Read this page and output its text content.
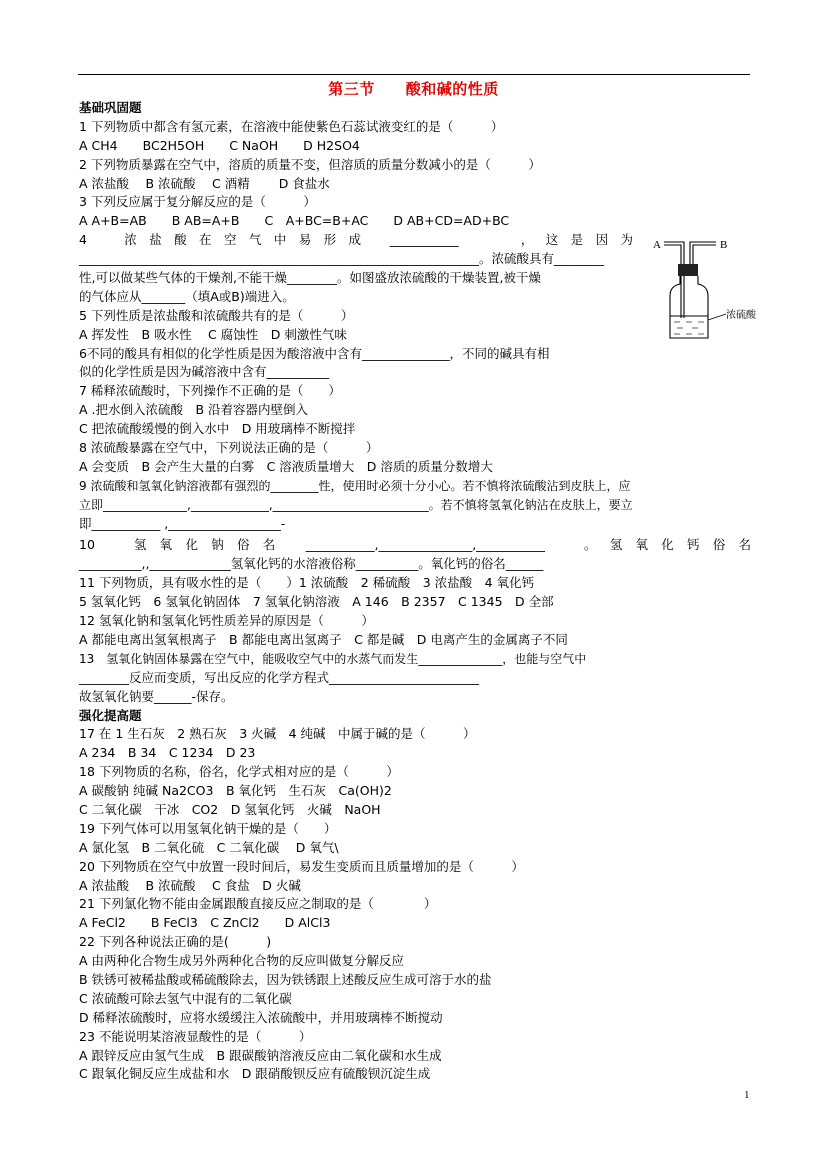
第三节　　酸和碱的性质
基础巩固题
1 下列物质中都含有氢元素，在溶液中能使紫色石蕊试液变红的是（　　　）
A CH4　　BC2H5OH　　C NaOH　　D H2SO4
2 下列物质暴露在空气中，溶质的质量不变，但溶质的质量分数减小的是（　　　）
A 浓盐酸　 B 浓硫酸　 C 酒精　　 D 食盐水
3 下列反应属于复分解反应的是（　　　）
A A+B=AB　　B AB=A+B　　C　A+BC=B+AC　　D AB+CD=AD+BC
4　浓盐酸在空气中易形成 ___________　　，这是因为
________________________________________________________________。浓硫酸具有________
性,可以做某些气体的干燥剂,不能干燥________。如图盛放浓硫酸的干燥装置,被干燥
的气体应从_______（填A或B)端进入。
5 下列性质是浓盐酸和浓硫酸共有的是（　　　）
A 挥发性　B 吸水性　 C 腐蚀性　D 刺激性气味
6不同的酸具有相似的化学性质是因为酸溶液中含有______________，不同的碱具有相
似的化学性质是因为碱溶液中含有__________
7 稀释浓硫酸时，下列操作不正确的是（　　）
A .把水倒入浓硫酸　B 沿着容器内壁倒入
C 把浓硫酸缓慢的倒入水中　D 用玻璃棒不断搅拌
8 浓硫酸暴露在空气中，下列说法正确的是（　　　）
A 会变质　B 会产生大量的白雾　C 溶液质量增大　D 溶质的质量分数增大
9 浓硫酸和氢氧化钠溶液都有强烈的________性，使用时必须十分小心。若不慎将浓硫酸沾到皮肤上，应
立即______________,_____________,__________________________。若不慎将氢氧化钠沾在皮肤上，要立
即___________ ,__________________-
10　氢氧化钠俗名 ___________,_______________,___________　。氢氧化钙俗名
__________,,_____________氢氧化钙的水溶液俗称__________。氧化钙的俗名______
11 下列物质，具有吸水性的是（　　）1 浓硫酸　2 稀硫酸　3 浓盐酸　4 氧化钙
5 氢氧化钙　6 氢氧化钠固体　7 氢氧化钠溶液　A 146　B 2357　C 1345　D 全部
12 氢氧化钠和氢氧化钙性质差异的原因是（　　　）
A 都能电离出氢氧根离子　B 都能电离出氢离子　C 都是碱　D 电离产生的金属离子不同
13　氢氧化钠固体暴露在空气中，能吸收空气中的水蒸气而发生______________，也能与空气中
________反应而变质，写出反应的化学方程式________________________
故氢氧化钠要______-保存。
强化提高题
17 在 1 生石灰　2 熟石灰　3 火碱　4 纯碱　中属于碱的是（　　　）
A 234　B 34　C 1234　D 23
18 下列物质的名称，俗名，化学式相对应的是（　　　）
A 碳酸钠 纯碱 Na2CO3　B 氧化钙　生石灰　Ca(OH)2
C 二氧化碳　干冰　CO2　D 氢氧化钙　火碱　NaOH
19 下列气体可以用氢氧化钠干燥的是（　　）
A 氯化氢　B 二氧化硫　C 二氧化碳　 D 氧气\
20 下列物质在空气中放置一段时间后，易发生变质而且质量增加的是（　　　）
A 浓盐酸　 B 浓硫酸　 C 食盐　D 火碱
21 下列氯化物不能由金属跟酸直接反应之制取的是（　　　　）
A FeCl2　　B FeCl3　C ZnCl2　　D AlCl3
22 下列各种说法正确的是(　　　)
A 由两种化合物生成另外两种化合物的反应叫做复分解反应
B 铁锈可被稀盐酸或稀硫酸除去，因为铁锈跟上述酸反应生成可溶于水的盐
C 浓硫酸可除去氢气中混有的二氧化碳
D 稀释浓硫酸时，应将水缓缓注入浓硫酸中，并用玻璃棒不断搅动
23 不能说明某溶液显酸性的是（　　　）
A 跟锌反应由氢气生成　B 跟碳酸钠溶液反应由二氧化碳和水生成
C 跟氧化铜反应生成盐和水　D 跟硝酸钡反应有硫酸钡沉淀生成
A	B
浓硫酸
1
